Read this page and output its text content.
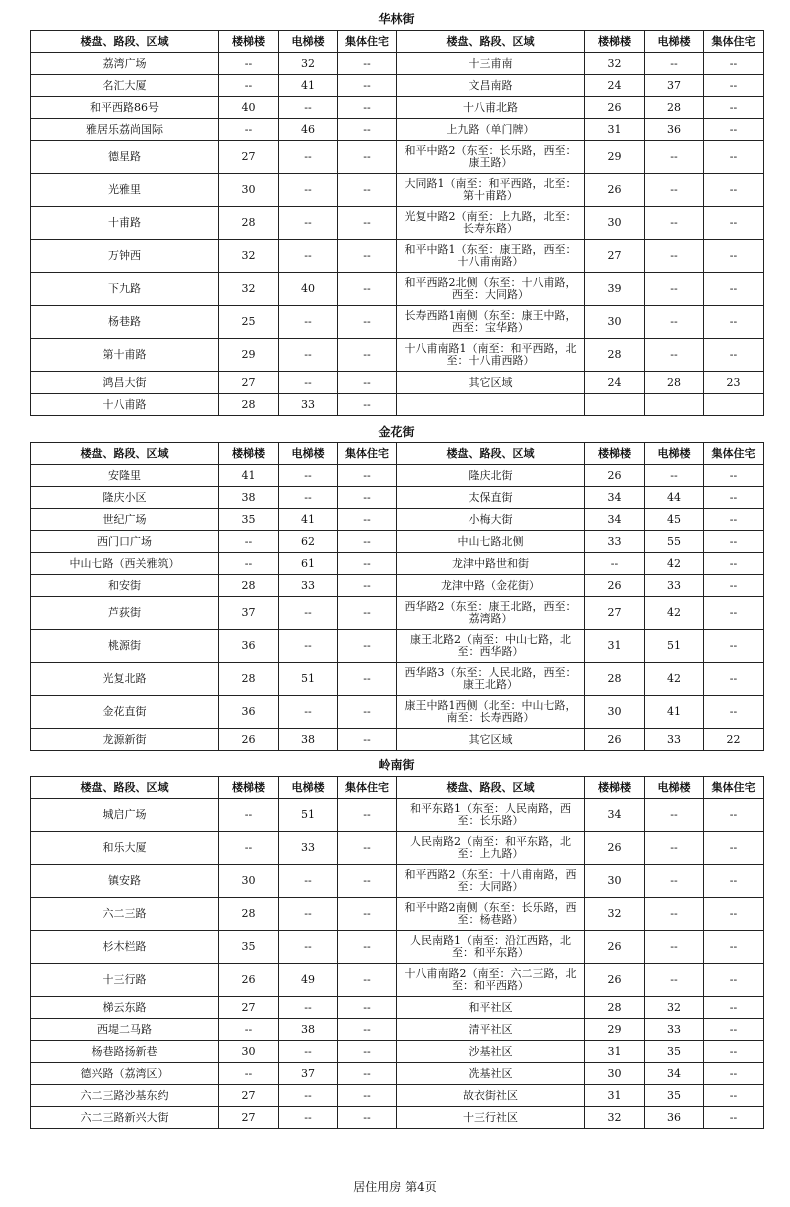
华林街
楼盘、路段、区域	楼梯楼	电梯楼	集体住宅	楼盘、路段、区域	楼梯楼	电梯楼	集体住宅
荔湾广场	--	32	--	十三甫南	32	--	--
名汇大厦	--	41	--	文昌南路	24	37	--
和平西路86号	40	--	--	十八甫北路	26	28	--
雅居乐荔尚国际	--	46	--	上九路（单门牌）	31	36	--
德星路	27	--	--	和平中路2（东至：长乐路，西至：康王路）	29	--	--
光雅里	30	--	--	大同路1（南至：和平西路，北至：第十甫路）	26	--	--
十甫路	28	--	--	光复中路2（南至：上九路，北至：长寿东路）	30	--	--
万钟西	32	--	--	和平中路1（东至：康王路，西至：十八甫南路）	27	--	--
下九路	32	40	--	和平西路2北侧（东至：十八甫路，西至：大同路）	39	--	--
杨巷路	25	--	--	长寿西路1南侧（东至：康王中路，西至：宝华路）	30	--	--
第十甫路	29	--	--	十八甫南路1（南至：和平西路，北至：十八甫西路）	28	--	--
鸿昌大街	27	--	--	其它区域	24	28	23
十八甫路	28	33	--				
金花街
楼盘、路段、区域	楼梯楼	电梯楼	集体住宅	楼盘、路段、区域	楼梯楼	电梯楼	集体住宅
安隆里	41	--	--	隆庆北街	26	--	--
隆庆小区	38	--	--	太保直街	34	44	--
世纪广场	35	41	--	小梅大街	34	45	--
西门口广场	--	62	--	中山七路北侧	33	55	--
中山七路（西关雅筑）	--	61	--	龙津中路世和街	--	42	--
和安街	28	33	--	龙津中路（金花街）	26	33	--
芦荻街	37	--	--	西华路2（东至：康王北路，西至：荔湾路）	27	42	--
桃源街	36	--	--	康王北路2（南至：中山七路，北至：西华路）	31	51	--
光复北路	28	51	--	西华路3（东至：人民北路，西至：康王北路）	28	42	--
金花直街	36	--	--	康王中路1西侧（北至：中山七路，南至：长寿西路）	30	41	--
龙源新街	26	38	--	其它区域	26	33	22
岭南街
楼盘、路段、区域	楼梯楼	电梯楼	集体住宅	楼盘、路段、区域	楼梯楼	电梯楼	集体住宅
城启广场	--	51	--	和平东路1（东至：人民南路，西至：长乐路）	34	--	--
和乐大厦	--	33	--	人民南路2（南至：和平东路，北至：上九路）	26	--	--
镇安路	30	--	--	和平西路2（东至：十八甫南路，西至：大同路）	30	--	--
六二三路	28	--	--	和平中路2南侧（东至：长乐路，西至：杨巷路）	32	--	--
杉木栏路	35	--	--	人民南路1（南至：沿江西路，北至：和平东路）	26	--	--
十三行路	26	49	--	十八甫南路2（南至：六二三路，北至：和平西路）	26	--	--
梯云东路	27	--	--	和平社区	28	32	--
西堤二马路	--	38	--	清平社区	29	33	--
杨巷路扬新巷	30	--	--	沙基社区	31	35	--
德兴路（荔湾区）	--	37	--	冼基社区	30	34	--
六二三路沙基东约	27	--	--	故衣街社区	31	35	--
六二三路新兴大街	27	--	--	十三行社区	32	36	--
居住用房 第4页
